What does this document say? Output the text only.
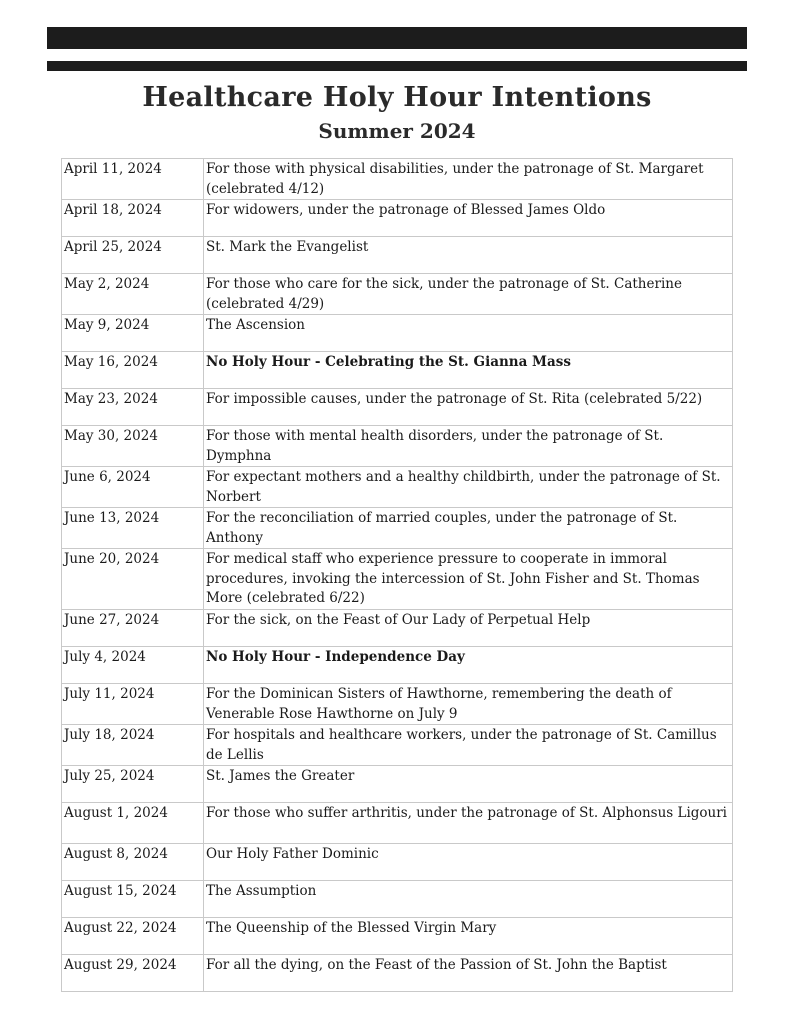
Healthcare Holy Hour Intentions
Summer 2024
April 11, 2024	For those with physical disabilities, under the patronage of St. Margaret (celebrated 4/12)
April 18, 2024	For widowers, under the patronage of Blessed James Oldo
April 25, 2024	St. Mark the Evangelist
May 2, 2024	For those who care for the sick, under the patronage of St. Catherine (celebrated 4/29)
May 9, 2024	The Ascension
May 16, 2024	No Holy Hour - Celebrating the St. Gianna Mass
May 23, 2024	For impossible causes, under the patronage of St. Rita (celebrated 5/22)
May 30, 2024	For those with mental health disorders, under the patronage of St. Dymphna
June 6, 2024	For expectant mothers and a healthy childbirth, under the patronage of St. Norbert
June 13, 2024	For the reconciliation of married couples, under the patronage of St. Anthony
June 20, 2024	For medical staff who experience pressure to cooperate in immoral procedures, invoking the intercession of St. John Fisher and St. Thomas More (celebrated 6/22)
June 27, 2024	For the sick, on the Feast of Our Lady of Perpetual Help
July 4, 2024	No Holy Hour - Independence Day
July 11, 2024	For the Dominican Sisters of Hawthorne, remembering the death of Venerable Rose Hawthorne on July 9
July 18, 2024	For hospitals and healthcare workers, under the patronage of St. Camillus de Lellis
July 25, 2024	St. James the Greater
August 1, 2024	For those who suffer arthritis, under the patronage of St. Alphonsus Ligouri
August 8, 2024	Our Holy Father Dominic
August 15, 2024	The Assumption
August 22, 2024	The Queenship of the Blessed Virgin Mary
August 29, 2024	For all the dying, on the Feast of the Passion of St. John the Baptist
